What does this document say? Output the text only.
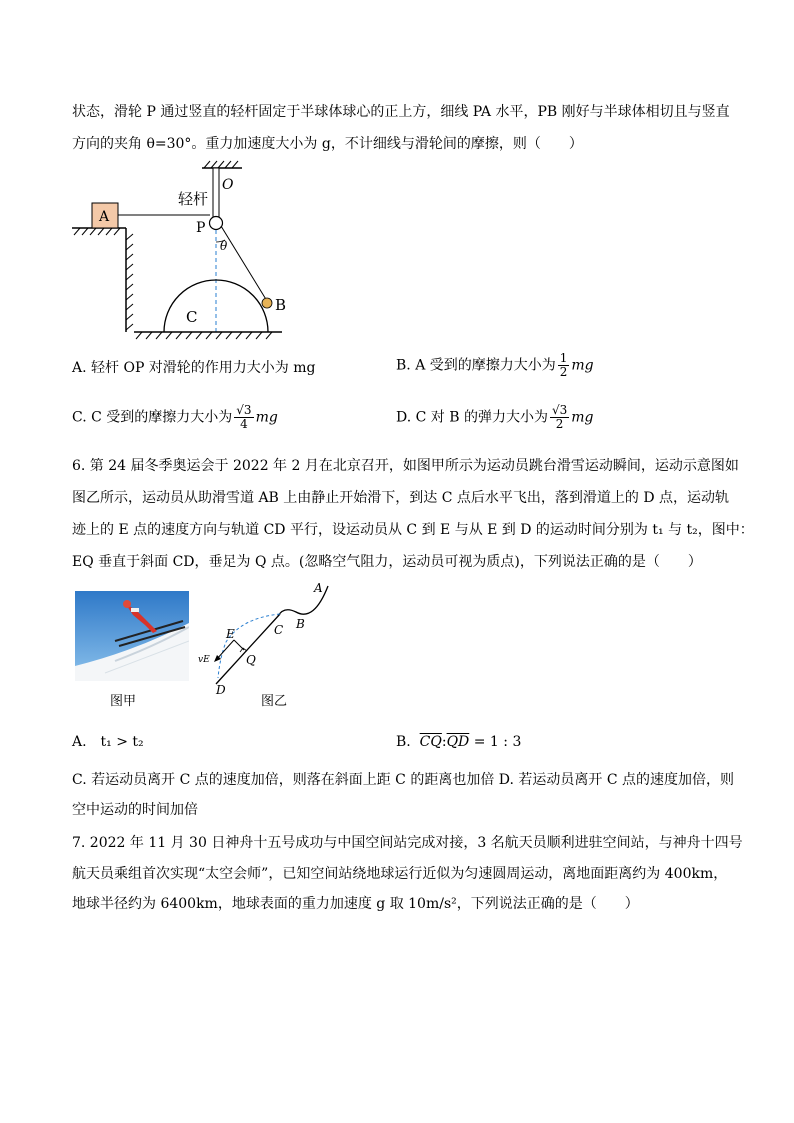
状态，滑轮 P 通过竖直的轻杆固定于半球体球心的正上方，细线 PA 水平，PB 刚好与半球体相切且与竖直
方向的夹角 θ=30°。重力加速度大小为 g，不计细线与滑轮间的摩擦，则（　　）
O
轻杆
A
P
θ
C
B
A. 轻杆 OP 对滑轮的作用力大小为 mg	B. A 受到的摩擦力大小为 $\frac{1}{2}$ mg
C. C 受到的摩擦力大小为 $\frac{√3}{4}$ mg	D. C 对 B 的弹力大小为 $\frac{√3}{2}$ mg
6. 第 24 届冬季奥运会于 2022 年 2 月在北京召开，如图甲所示为运动员跳台滑雪运动瞬间，运动示意图如
图乙所示，运动员从助滑雪道 AB 上由静止开始滑下，到达 C 点后水平飞出，落到滑道上的 D 点，运动轨
迹上的 E 点的速度方向与轨道 CD 平行，设运动员从 C 到 E 与从 E 到 D 的运动时间分别为 t₁ 与 t₂，图中：
EQ 垂直于斜面 CD，垂足为 Q 点。(忽略空气阻力，运动员可视为质点)，下列说法正确的是（　　）
图甲
A
B
C
E
Q
D
vE
图乙
A.　t₁ > t₂	B. $\overline{CQ}:\overline{QD} = 1$ : 3
C. 若运动员离开 C 点的速度加倍，则落在斜面上距 C 的距离也加倍 D. 若运动员离开 C 点的速度加倍，则
空中运动的时间加倍
7. 2022 年 11 月 30 日神舟十五号成功与中国空间站完成对接，3 名航天员顺利进驻空间站，与神舟十四号
航天员乘组首次实现“太空会师”，已知空间站绕地球运行近似为匀速圆周运动，离地面距离约为 400km，
地球半径约为 6400km，地球表面的重力加速度 g 取 10m/s²，下列说法正确的是（　　）
